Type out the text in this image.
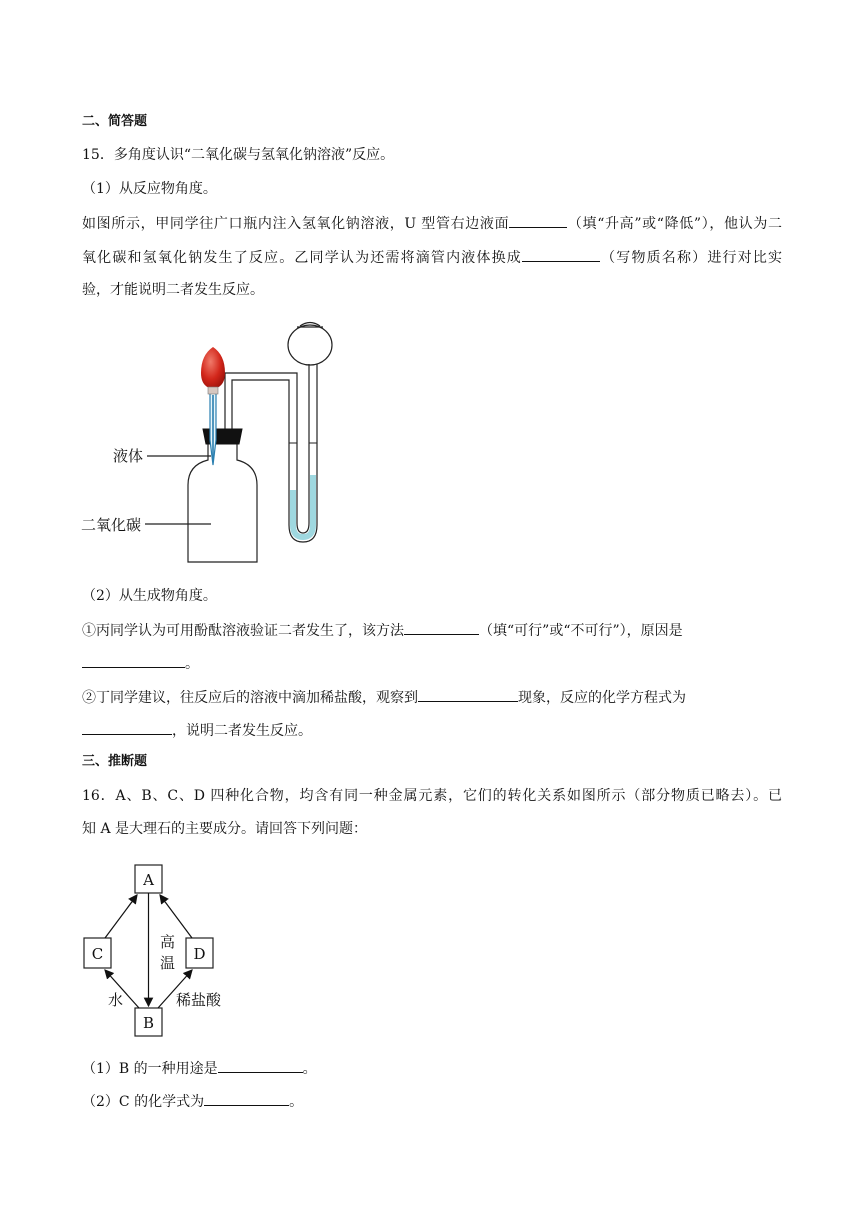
二、简答题
15．多角度认识“二氧化碳与氢氧化钠溶液”反应。
（1）从反应物角度。
如图所示，甲同学往广口瓶内注入氢氧化钠溶液，U 型管右边液面	（填“升高”或“降低”），他认为二
氧化碳和氢氧化钠发生了反应。乙同学认为还需将滴管内液体换成	（写物质名称）进行对比实
验，才能说明二者发生反应。
液体
二氧化碳
（2）从生成物角度。
①丙同学认为可用酚酞溶液验证二者发生了，该方法	（填“可行”或“不可行”），原因是
。
②丁同学建议，往反应后的溶液中滴加稀盐酸，观察到	现象，反应的化学方程式为
，说明二者发生反应。
三、推断题
16．A、B、C、D 四种化合物，均含有同一种金属元素，它们的转化关系如图所示（部分物质已略去）。已
知 A 是大理石的主要成分。请回答下列问题：
A
B
C	D
高
温
水	稀盐酸
（1）B 的一种用途是	。
（2）C 的化学式为	。
